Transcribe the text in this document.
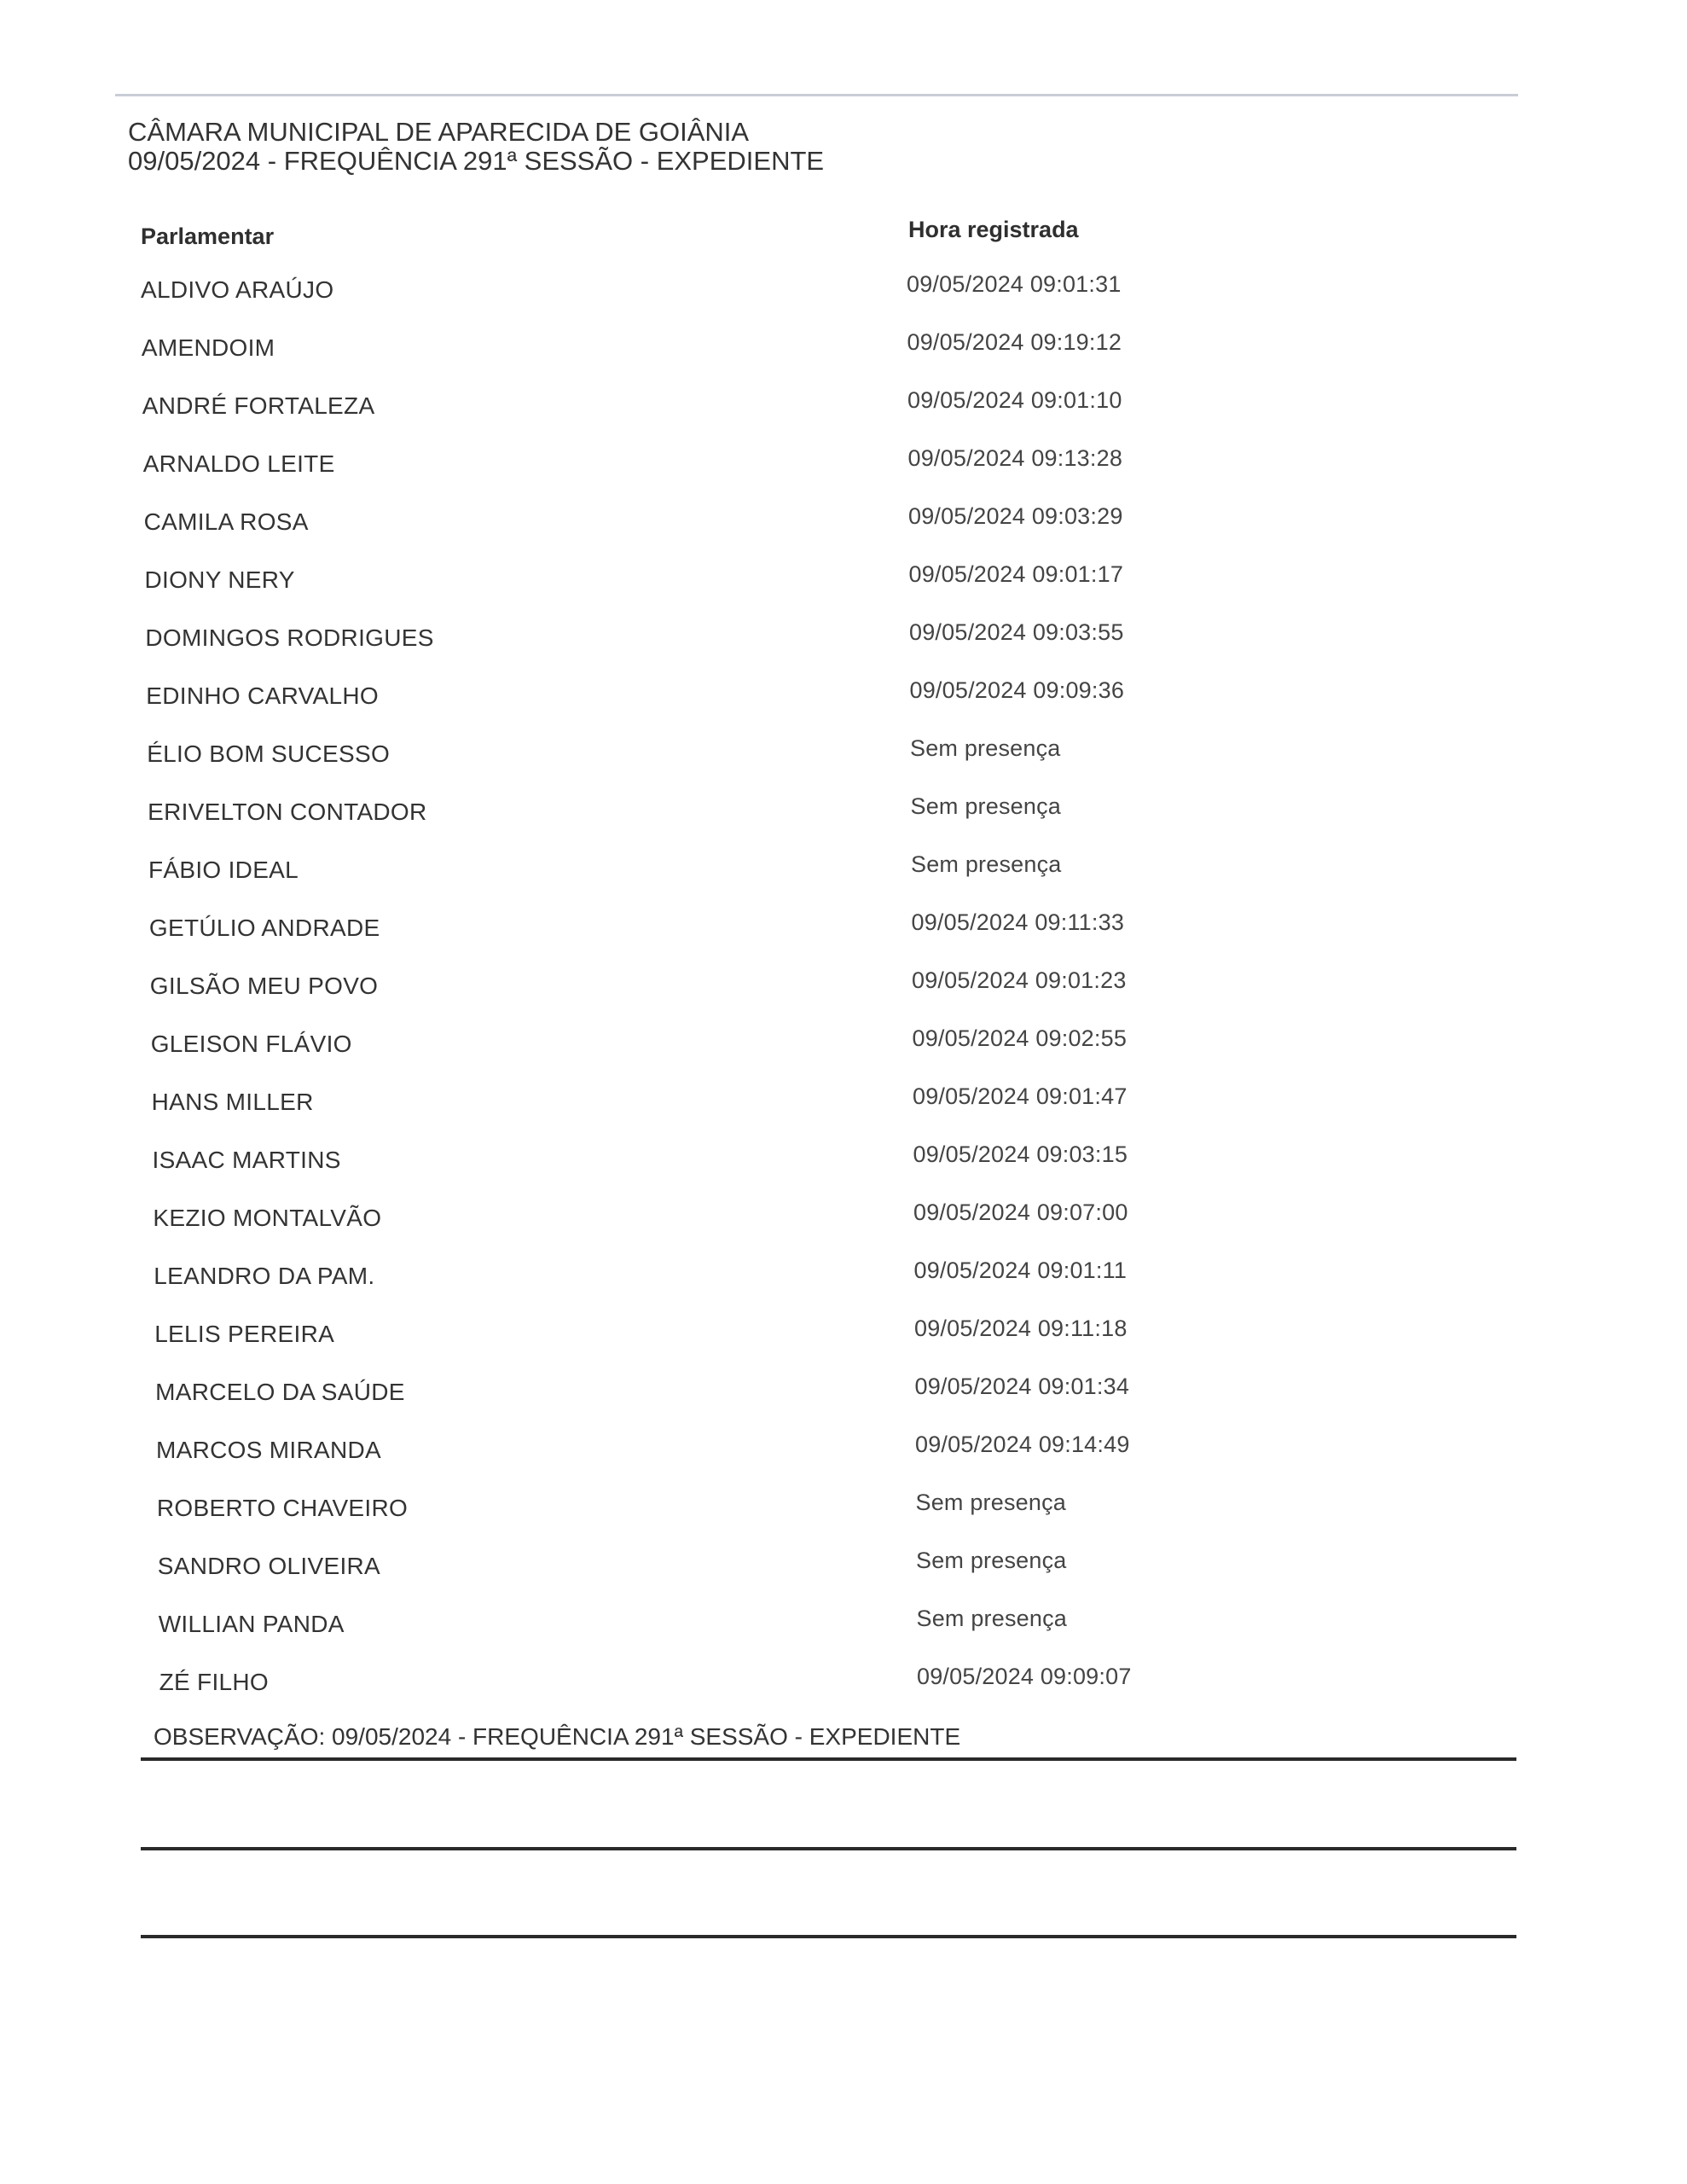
CÂMARA MUNICIPAL DE APARECIDA DE GOIÂNIA
09/05/2024 - FREQUÊNCIA 291ª SESSÃO - EXPEDIENTE
Parlamentar	Hora registrada
ALDIVO ARAÚJO	09/05/2024 09:01:31
AMENDOIM	09/05/2024 09:19:12
ANDRÉ FORTALEZA	09/05/2024 09:01:10
ARNALDO LEITE	09/05/2024 09:13:28
CAMILA ROSA	09/05/2024 09:03:29
DIONY NERY	09/05/2024 09:01:17
DOMINGOS RODRIGUES	09/05/2024 09:03:55
EDINHO CARVALHO	09/05/2024 09:09:36
ÉLIO BOM SUCESSO	Sem presença
ERIVELTON CONTADOR	Sem presença
FÁBIO IDEAL	Sem presença
GETÚLIO ANDRADE	09/05/2024 09:11:33
GILSÃO MEU POVO	09/05/2024 09:01:23
GLEISON FLÁVIO	09/05/2024 09:02:55
HANS MILLER	09/05/2024 09:01:47
ISAAC MARTINS	09/05/2024 09:03:15
KEZIO MONTALVÃO	09/05/2024 09:07:00
LEANDRO DA PAM.	09/05/2024 09:01:11
LELIS PEREIRA	09/05/2024 09:11:18
MARCELO DA SAÚDE	09/05/2024 09:01:34
MARCOS MIRANDA	09/05/2024 09:14:49
ROBERTO CHAVEIRO	Sem presença
SANDRO OLIVEIRA	Sem presença
WILLIAN PANDA	Sem presença
ZÉ FILHO	09/05/2024 09:09:07
OBSERVAÇÃO: 09/05/2024 - FREQUÊNCIA 291ª SESSÃO - EXPEDIENTE
